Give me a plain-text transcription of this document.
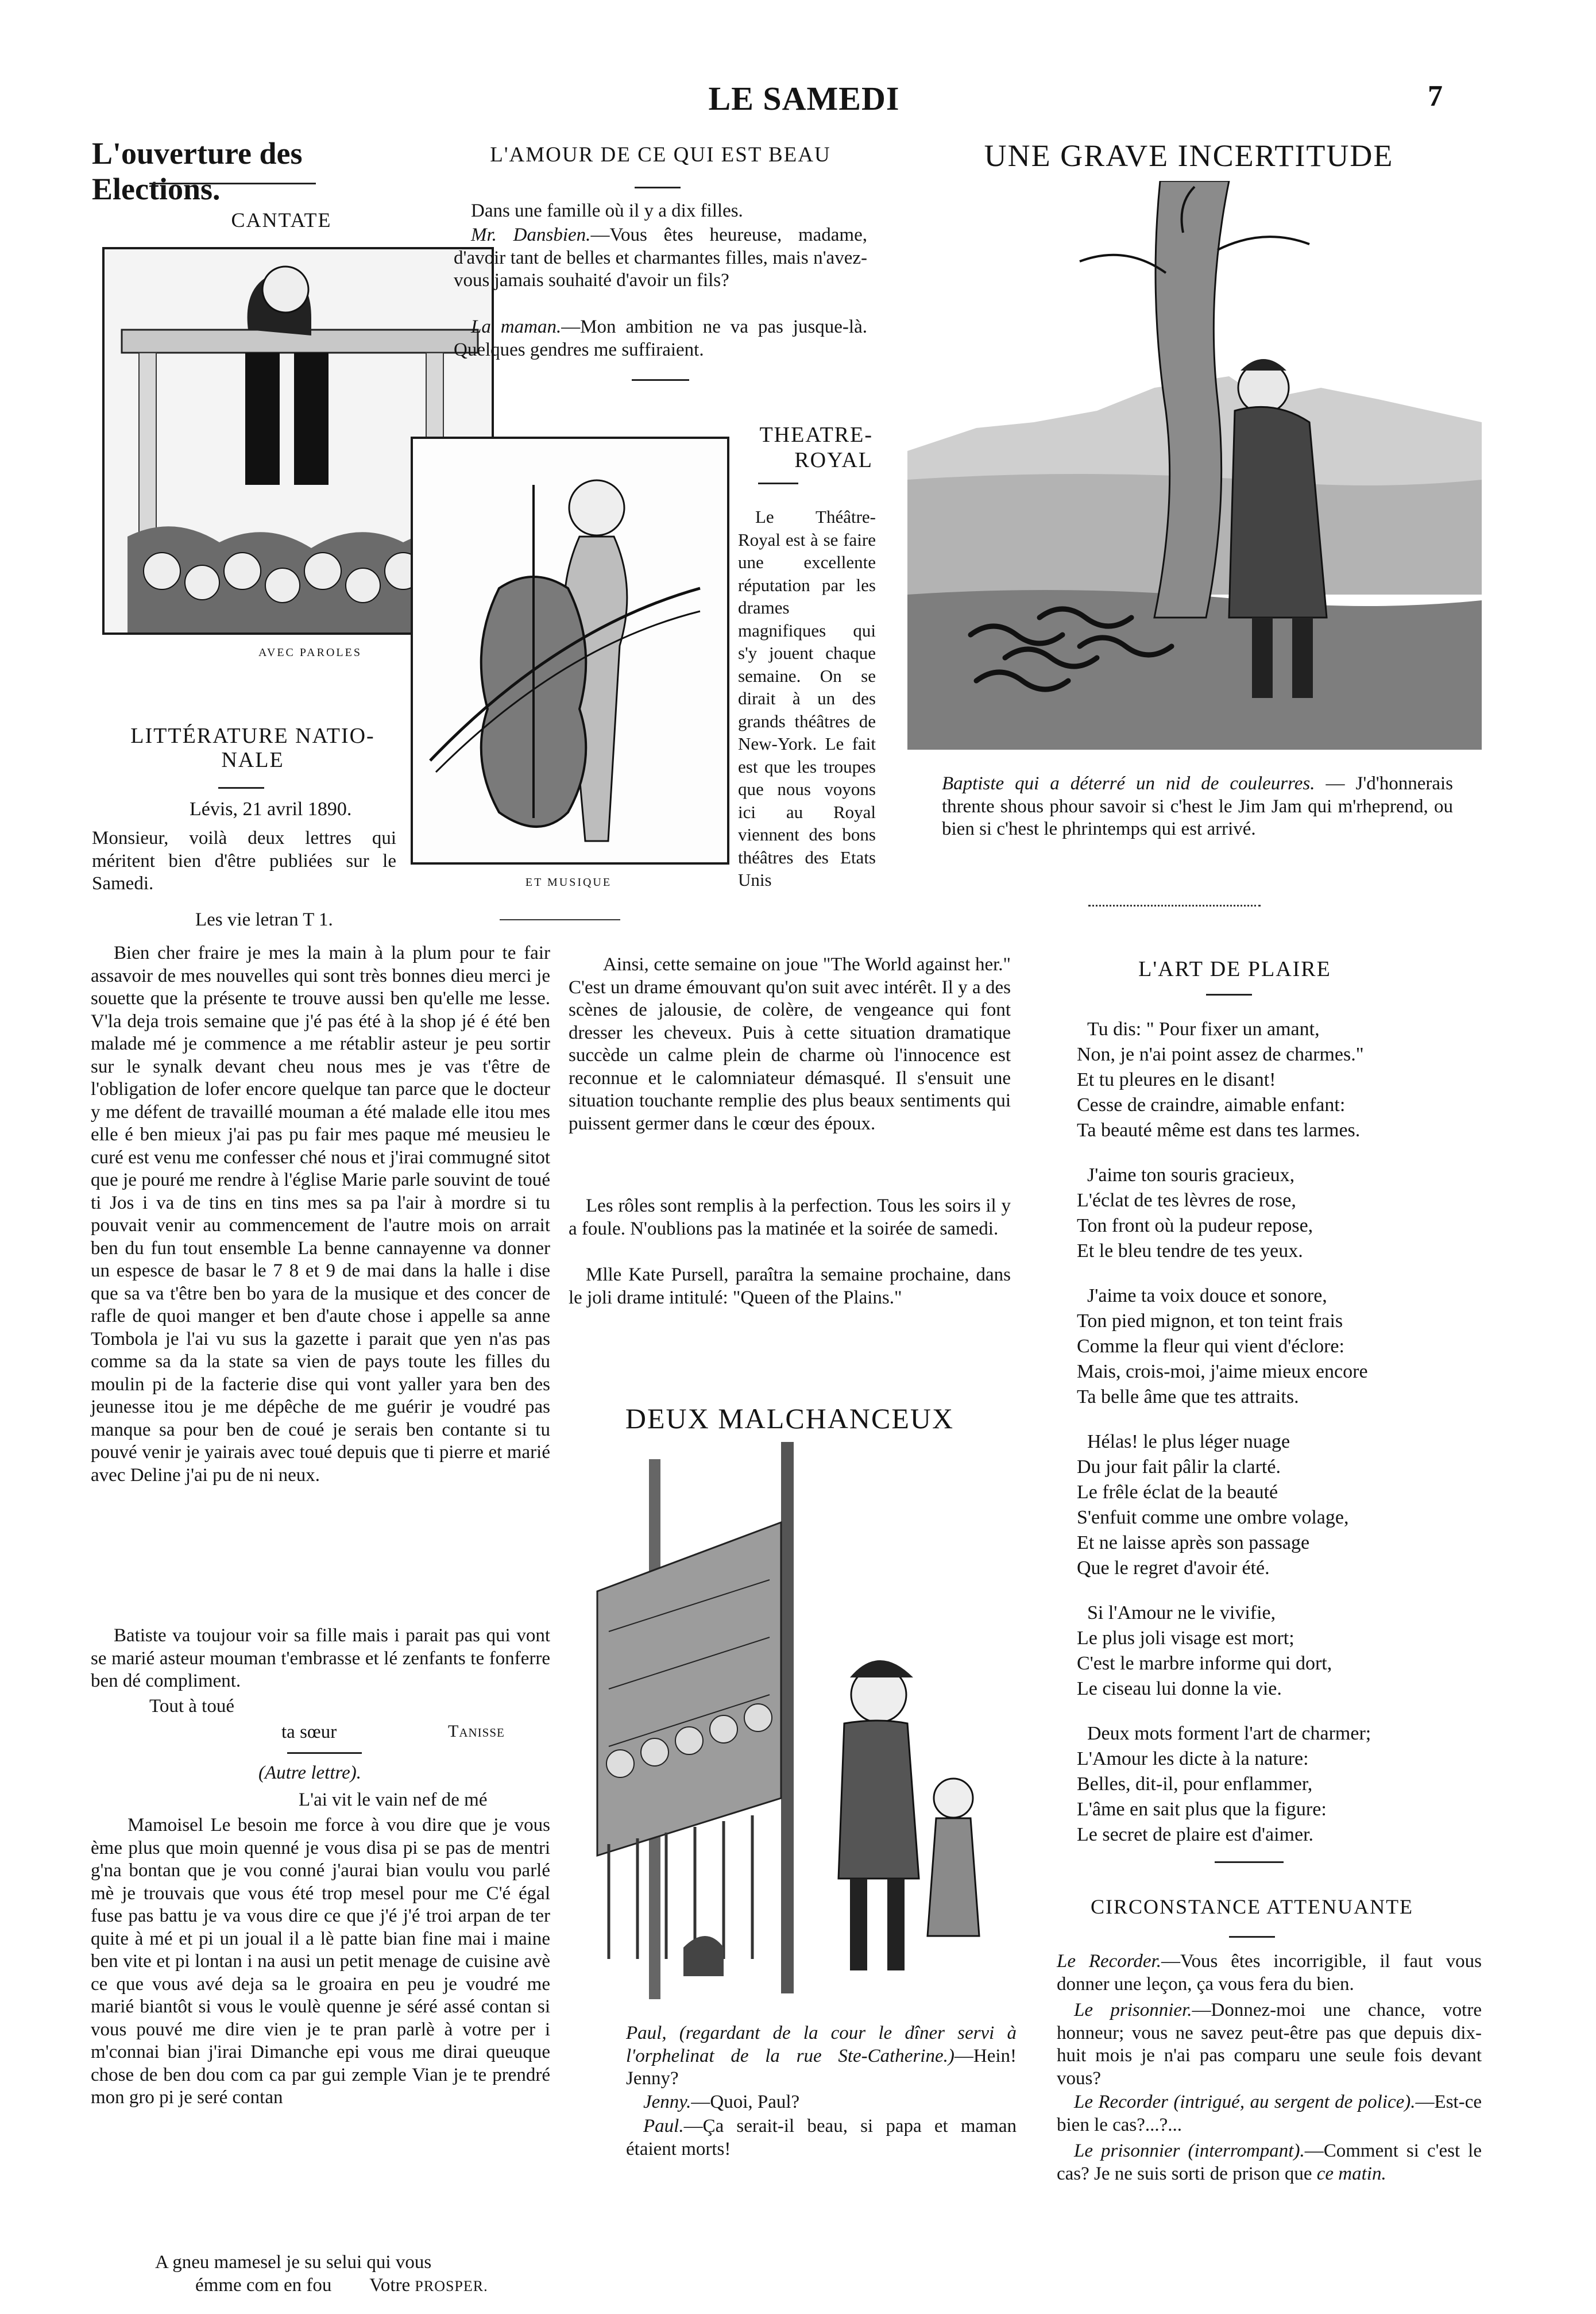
LE SAMEDI	7
L'ouverture des Elections.
CANTATE
AVEC PAROLES
ET MUSIQUE
LITTÉRATURE NATIO-
NALE
Lévis, 21 avril 1890.

Monsieur, voilà deux lettres qui méritent bien d'être publiées sur le Samedi.

Les vie letran T 1.

Bien cher fraire je mes la main à la plum pour te fair assavoir de mes nouvelles qui sont très bonnes dieu merci je souette que la présente te trouve aussi ben qu'elle me lesse. V'la deja trois semaine que j'é pas été à la shop jé é été ben malade mé je commence a me rétablir asteur je peu sortir sur le synalk devant cheu nous mes je vas t'être de l'obligation de lofer encore quelque tan parce que le docteur y me défent de travaillé mouman a été malade elle itou mes elle é ben mieux j'ai pas pu fair mes paque mé meusieu le curé est venu me confesser ché nous et j'irai commugné sitot que je pouré me rendre à l'église Marie parle souvint de toué ti Jos i va de tins en tins mes sa pa l'air à mordre si tu pouvait venir au commencement de l'autre mois on arrait ben du fun tout ensemble La benne cannayenne va donner un espesce de basar le 7 8 et 9 de mai dans la halle i dise que sa va t'être ben bo yara de la musique et des concer de rafle de quoi manger et ben d'aute chose i appelle sa anne Tombola je l'ai vu sus la gazette i parait que yen n'as pas comme sa da la state sa vien de pays toute les filles du moulin pi de la facterie dise qui vont yaller yara ben des jeunesse itou je me dépêche de me guérir je voudré pas manque sa pour ben de coué je serais ben contante si tu pouvé venir je yairais avec toué depuis que ti pierre et marié avec Deline j'ai pu de ni neux.

Batiste va toujour voir sa fille mais i parait pas qui vont se marié asteur mouman t'embrasse et lé zenfants te fonferre ben dé compliment.

Tout à toué
ta sœur	Tanisse
(Autre lettre).
L'ai vit le vain nef de mé

Mamoisel Le besoin me force à vou dire que je vous ème plus que moin quenné je vous disa pi se pas de mentri g'na bontan que je vou conné j'aurai bian voulu vou parlé mè je trouvais que vous été trop mesel pour me C'é égal fuse pas battu je va vous dire ce que j'é j'é troi arpan de ter quite à mé et pi un joual il a lè patte bian fine mai i maine ben vite et pi lontan i na ausi un petit menage de cuisine avè ce que vous avé deja sa le groaira en peu je voudré me marié biantôt si vous le voulè quenne je séré assé contan si vous pouvé me dire vien je te pran parlè à votre per i m'connai bian j'irai Dimanche epi vous me dirai queuque chose de ben dou com ca par gui zemple Vian je te prendré mon gro pi je seré contan

A gneu mamesel je su selui qui vous
émme com en fou Votre PROSPER.
L'AMOUR DE CE QUI EST BEAU

Dans une famille où il y a dix filles.

Mr. Dansbien.—Vous êtes heureuse, madame, d'avoir tant de belles et charmantes filles, mais n'avez-vous jamais souhaité d'avoir un fils?

La maman.—Mon ambition ne va pas jusque-là. Quelques gendres me suffiraient.

THEATRE-
ROYAL

Le Théâtre-Royal est à se faire une excellente réputation par les drames magnifiques qui s'y jouent chaque semaine. On se dirait à un des grands théâtres de New-York. Le fait est que les troupes que nous voyons ici au Royal viennent des bons théâtres des Etats Unis

Ainsi, cette semaine on joue "The World against her." C'est un drame émouvant qu'on suit avec intérêt. Il y a des scènes de jalousie, de colère, de vengeance qui font dresser les cheveux. Puis à cette situation dramatique succède un calme plein de charme où l'innocence est reconnue et le calomniateur démasqué. Il s'ensuit une situation touchante remplie des plus beaux sentiments qui puissent germer dans le cœur des époux.

Les rôles sont remplis à la perfection. Tous les soirs il y a foule. N'oublions pas la matinée et la soirée de samedi.

Mlle Kate Pursell, paraîtra la semaine prochaine, dans le joli drame intitulé: "Queen of the Plains."

DEUX MALCHANCEUX

Paul, (regardant de la cour le dîner servi à l'orphelinat de la rue Ste-Catherine.)—Hein! Jenny?

Jenny.—Quoi, Paul?

Paul.—Ça serait-il beau, si papa et maman étaient morts!

UNE GRAVE INCERTITUDE

Baptiste qui a déterré un nid de couleurres. — J'd'honnerais thrente shous phour savoir si c'hest le Jim Jam qui m'rheprend, ou bien si c'hest le phrintemps qui est arrivé.

L'ART DE PLAIRE
Tu dis: " Pour fixer un amant,
Non, je n'ai point assez de charmes."
Et tu pleures en le disant!
Cesse de craindre, aimable enfant:
Ta beauté même est dans tes larmes.
J'aime ton souris gracieux,
L'éclat de tes lèvres de rose,
Ton front où la pudeur repose,
Et le bleu tendre de tes yeux.
J'aime ta voix douce et sonore,
Ton pied mignon, et ton teint frais
Comme la fleur qui vient d'éclore:
Mais, crois-moi, j'aime mieux encore
Ta belle âme que tes attraits.
Hélas! le plus léger nuage
Du jour fait pâlir la clarté.
Le frêle éclat de la beauté
S'enfuit comme une ombre volage,
Et ne laisse après son passage
Que le regret d'avoir été.
Si l'Amour ne le vivifie,
Le plus joli visage est mort;
C'est le marbre informe qui dort,
Le ciseau lui donne la vie.
Deux mots forment l'art de charmer;
L'Amour les dicte à la nature:
Belles, dit-il, pour enflammer,
L'âme en sait plus que la figure:
Le secret de plaire est d'aimer.
CIRCONSTANCE ATTENUANTE

Le Recorder.—Vous êtes incorrigible, il faut vous donner une leçon, ça vous fera du bien.

Le prisonnier.—Donnez-moi une chance, votre honneur; vous ne savez peut-être pas que depuis dix-huit mois je n'ai pas comparu une seule fois devant vous?

Le Recorder (intrigué, au sergent de police).—Est-ce bien le cas?...?...

Le prisonnier (interrompant).—Comment si c'est le cas? Je ne suis sorti de prison que ce matin.
